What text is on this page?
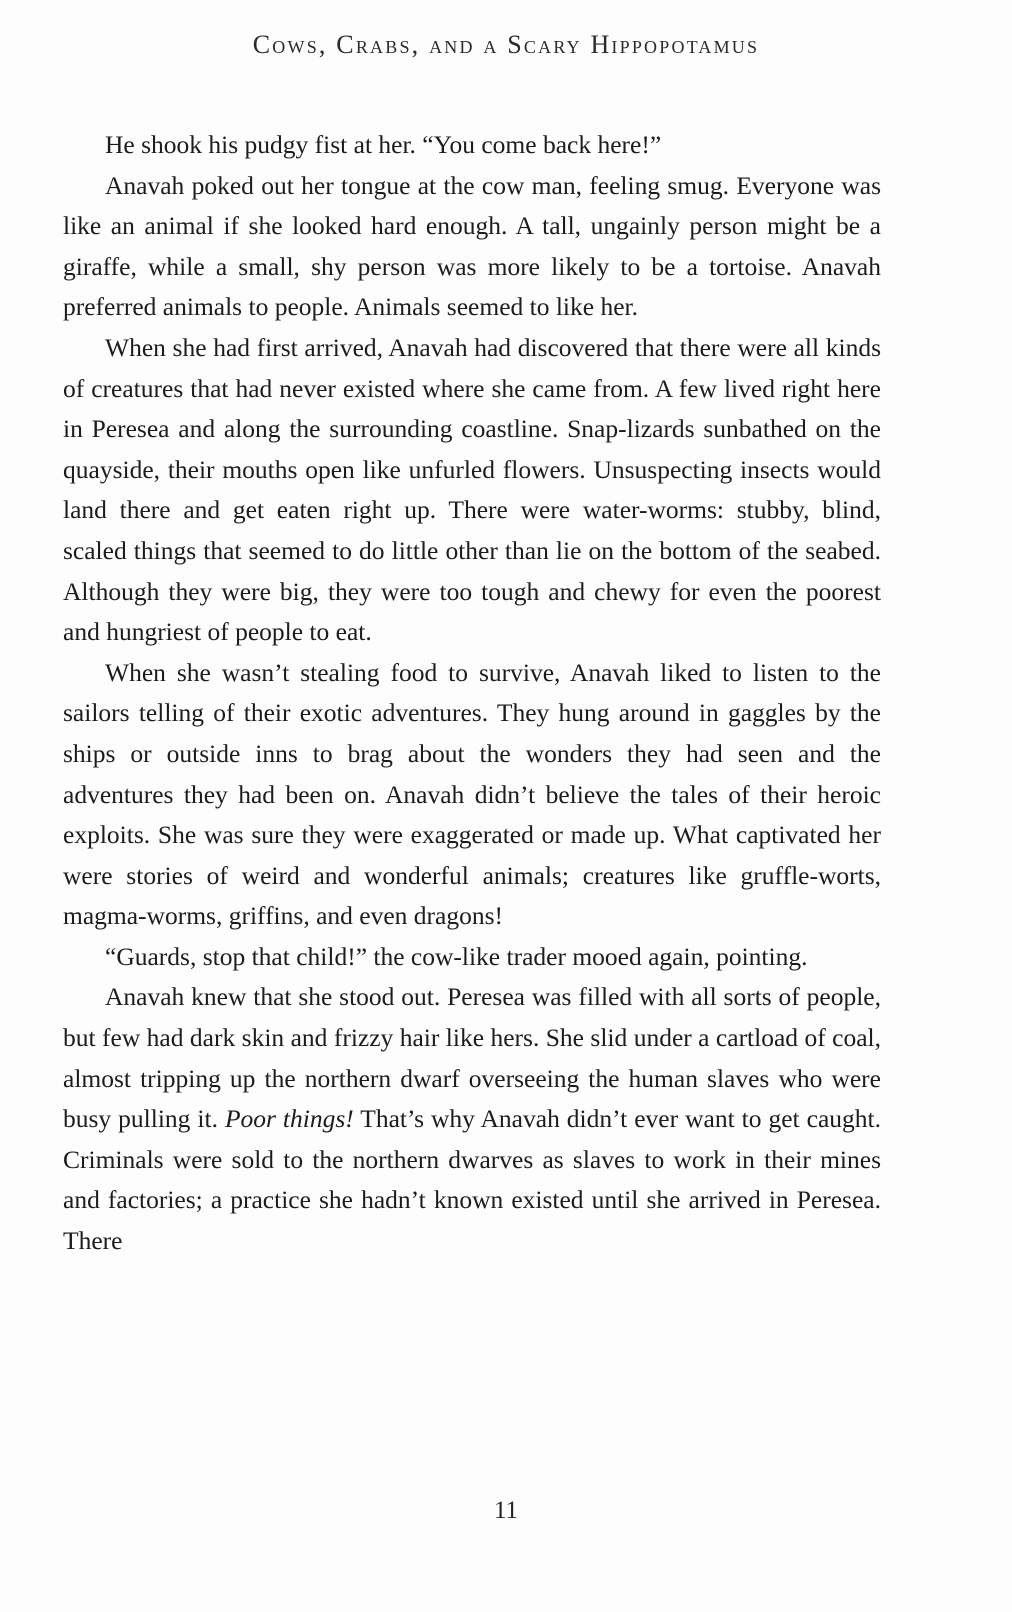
Cows, Crabs, and a Scary Hippopotamus

He shook his pudgy fist at her. “You come back here!”

Anavah poked out her tongue at the cow man, feeling smug. Everyone was like an animal if she looked hard enough. A tall, ungainly person might be a giraffe, while a small, shy person was more likely to be a tortoise. Anavah preferred animals to people. Animals seemed to like her.

When she had first arrived, Anavah had discovered that there were all kinds of creatures that had never existed where she came from. A few lived right here in Peresea and along the surrounding coastline. Snap-lizards sunbathed on the quayside, their mouths open like unfurled flowers. Unsuspecting insects would land there and get eaten right up. There were water-worms: stubby, blind, scaled things that seemed to do little other than lie on the bottom of the seabed. Although they were big, they were too tough and chewy for even the poorest and hungriest of people to eat.

When she wasn’t stealing food to survive, Anavah liked to listen to the sailors telling of their exotic adventures. They hung around in gaggles by the ships or outside inns to brag about the wonders they had seen and the adventures they had been on. Anavah didn’t believe the tales of their heroic exploits. She was sure they were exaggerated or made up. What captivated her were stories of weird and wonderful animals; creatures like gruffle-worts, magma-worms, griffins, and even dragons!

“Guards, stop that child!” the cow-like trader mooed again, pointing.

Anavah knew that she stood out. Peresea was filled with all sorts of people, but few had dark skin and frizzy hair like hers. She slid under a cartload of coal, almost tripping up the northern dwarf overseeing the human slaves who were busy pulling it. Poor things! That’s why Anavah didn’t ever want to get caught. Criminals were sold to the northern dwarves as slaves to work in their mines and factories; a practice she hadn’t known existed until she arrived in Peresea. There

11
